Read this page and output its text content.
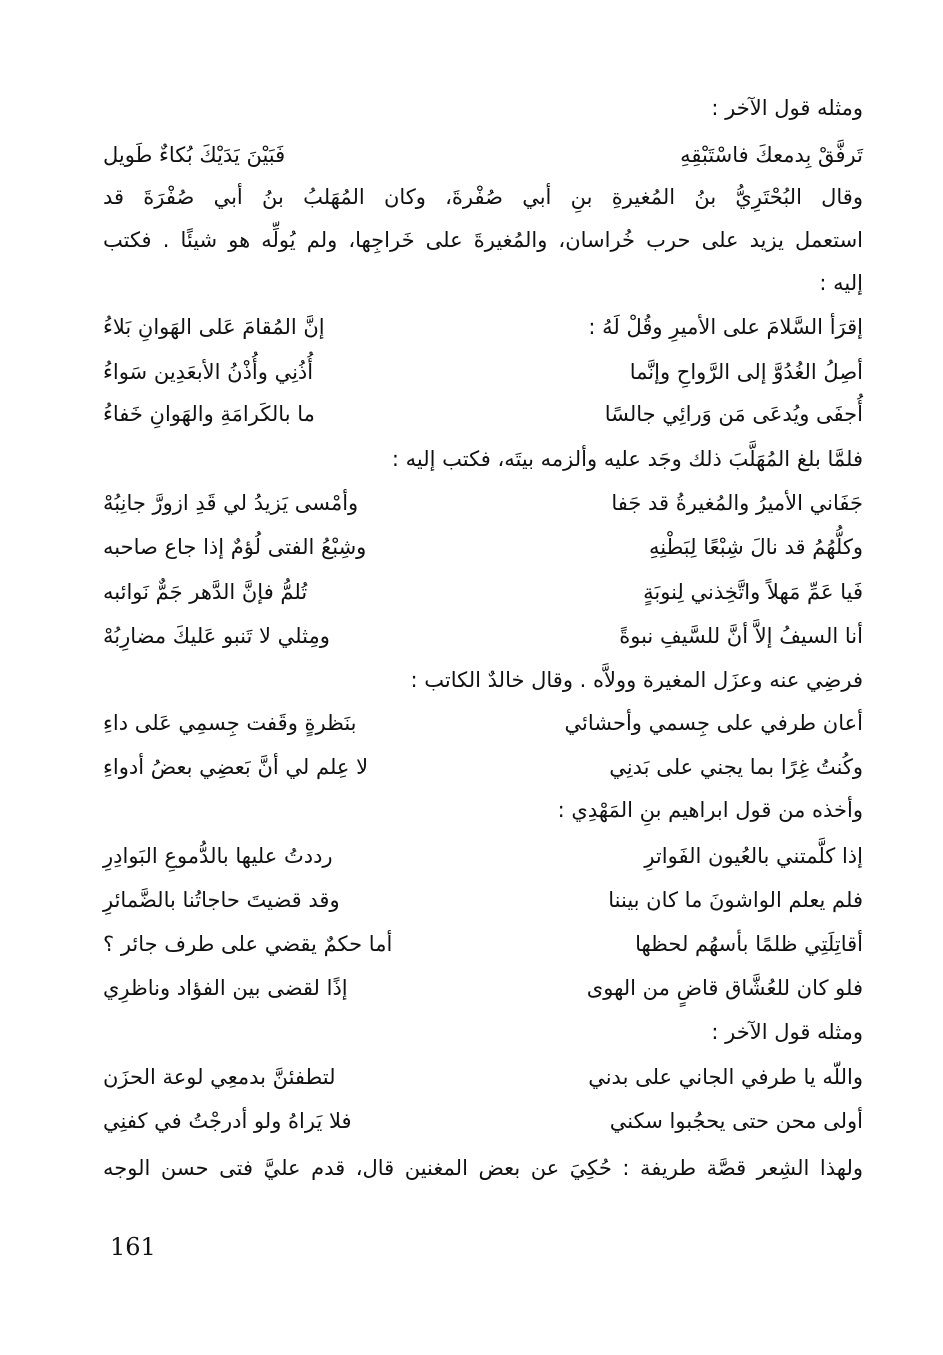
ومثله قول الآخر :
تَرفَّقْ بِدمعكَ فاسْتَبْقِهِ
فَبَيْنَ يَدَيْكَ بُكاءٌ طَويل
وقال البُحْتَرِيُّ بنُ المُغيرةِ بنِ أبي صُفْرةَ، وكان المُهَلبُ بنُ أبي صُفْرَةَ قد
استعمل يزيد على حرب خُراسان، والمُغيرةَ على خَراجِها، ولم يُولِّه هو شيئًا . فكتب
إليه :
إقرَأ السَّلامَ على الأميرِ وقُلْ لَهُ :
إنَّ المُقامَ عَلى الهَوانِ بَلاءُ
أصِلُ الغُدُوَّ إلى الرَّواحِ وإنَّما
أُذُنِي وأُذْنُ الأبعَدِين سَواءُ
أُجفَى ويُدعَى مَن وَرائِي جالسًا
ما بالكَرامَةِ والهَوانِ خَفاءُ
فلمَّا بلغ المُهَلَّبَ ذلك وجَد عليه وألزمه بيتَه، فكتب إليه :
جَفَاني الأميرُ والمُغيرةُ قد جَفا
وأمْسى يَزيدُ لي قَدِ ازورَّ جانِبُهْ
وكلُّهُمُ قد نالَ شِبْعًا لِبَطْنِهِ
وشِبْعُ الفتى لُؤمٌ إذا جاع صاحبه
فَيا عَمِّ مَهلاً واتَّخِذني لِنوبَةٍ
تُلمُّ فإنَّ الدَّهر جَمٌّ نَوائبه
أنا السيفُ إلاَّ أنَّ للسَّيفِ نبوةً
ومِثلي لا تَنبو عَليكَ مضارِبُهْ
فرضِي عنه وعزَل المغيرة وولاَّه . وقال خالدٌ الكاتب :
أعان طرفي على جِسمي وأحشائي
بنَظرةٍ وقَفت جِسمِي عَلى داءِ
وكُنتُ غِرًا بما يجني على بَدنِي
لا عِلم لي أنَّ بَعضِي بعضُ أدواءِ
وأخذه من قول ابراهيم بنِ المَهْدِي :
إذا كلَّمتني بالعُيون الفَواترِ
رددتُ عليها بالدُّموعِ البَوادِرِ
فلم يعلم الواشونَ ما كان بيننا
وقد قضيتَ حاجاتُنا بالضَّمائرِ
أقاتِلَتِي ظلمًا بأسهُم لحظها
أما حكمٌ يقضي على طرف جائر ؟
فلو كان للعُشَّاق قاضٍ من الهوى
إذًا لقضى بين الفؤاد وناظرِي
ومثله قول الآخر :
واللّه يا طرفي الجاني على بدني
لتطفئنَّ بدمعِي لوعة الحزَن
أولى محن حتى يحجُبوا سكني
فلا يَراهُ ولو أدرجْتُ في كفنِي
ولهذا الشِعر قصَّة طريفة : حُكِيَ عن بعض المغنين قال، قدم عليَّ فتى حسن الوجه
161
